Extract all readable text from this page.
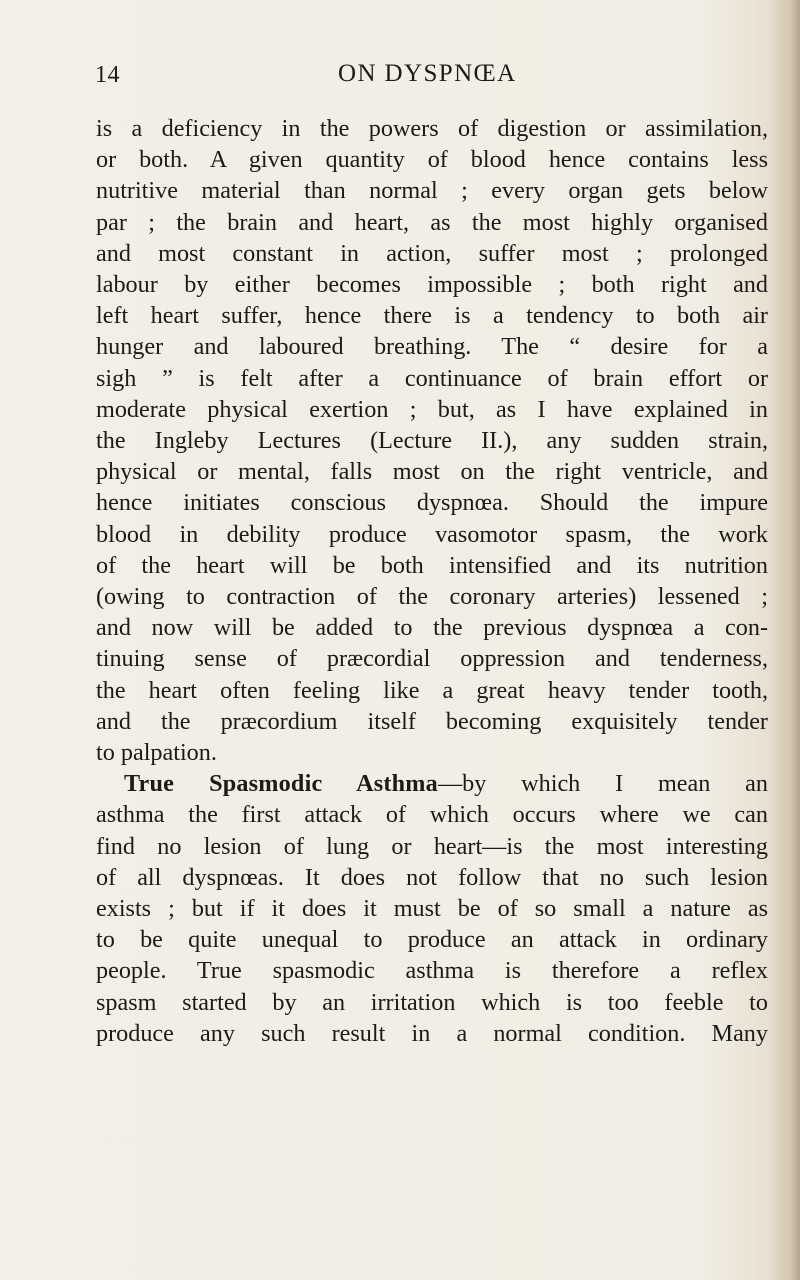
14	ON DYSPNŒA
is a deficiency in the powers of digestion or assimilation,
or both. A given quantity of blood hence contains less
nutritive material than normal ; every organ gets below
par ; the brain and heart, as the most highly organised
and most constant in action, suffer most ; prolonged
labour by either becomes impossible ; both right and
left heart suffer, hence there is a tendency to both air
hunger and laboured breathing. The “ desire for a
sigh ” is felt after a continuance of brain effort or
moderate physical exertion ; but, as I have explained in
the Ingleby Lectures (Lecture II.), any sudden strain,
physical or mental, falls most on the right ventricle, and
hence initiates conscious dyspnœa. Should the impure
blood in debility produce vasomotor spasm, the work
of the heart will be both intensified and its nutrition
(owing to contraction of the coronary arteries) lessened ;
and now will be added to the previous dyspnœa a con-
tinuing sense of præcordial oppression and tenderness,
the heart often feeling like a great heavy tender tooth,
and the præcordium itself becoming exquisitely tender
to palpation.
True Spasmodic Asthma—by which I mean an
asthma the first attack of which occurs where we can
find no lesion of lung or heart—is the most interesting
of all dyspnœas. It does not follow that no such lesion
exists ; but if it does it must be of so small a nature as
to be quite unequal to produce an attack in ordinary
people. True spasmodic asthma is therefore a reflex
spasm started by an irritation which is too feeble to
produce any such result in a normal condition. Many
